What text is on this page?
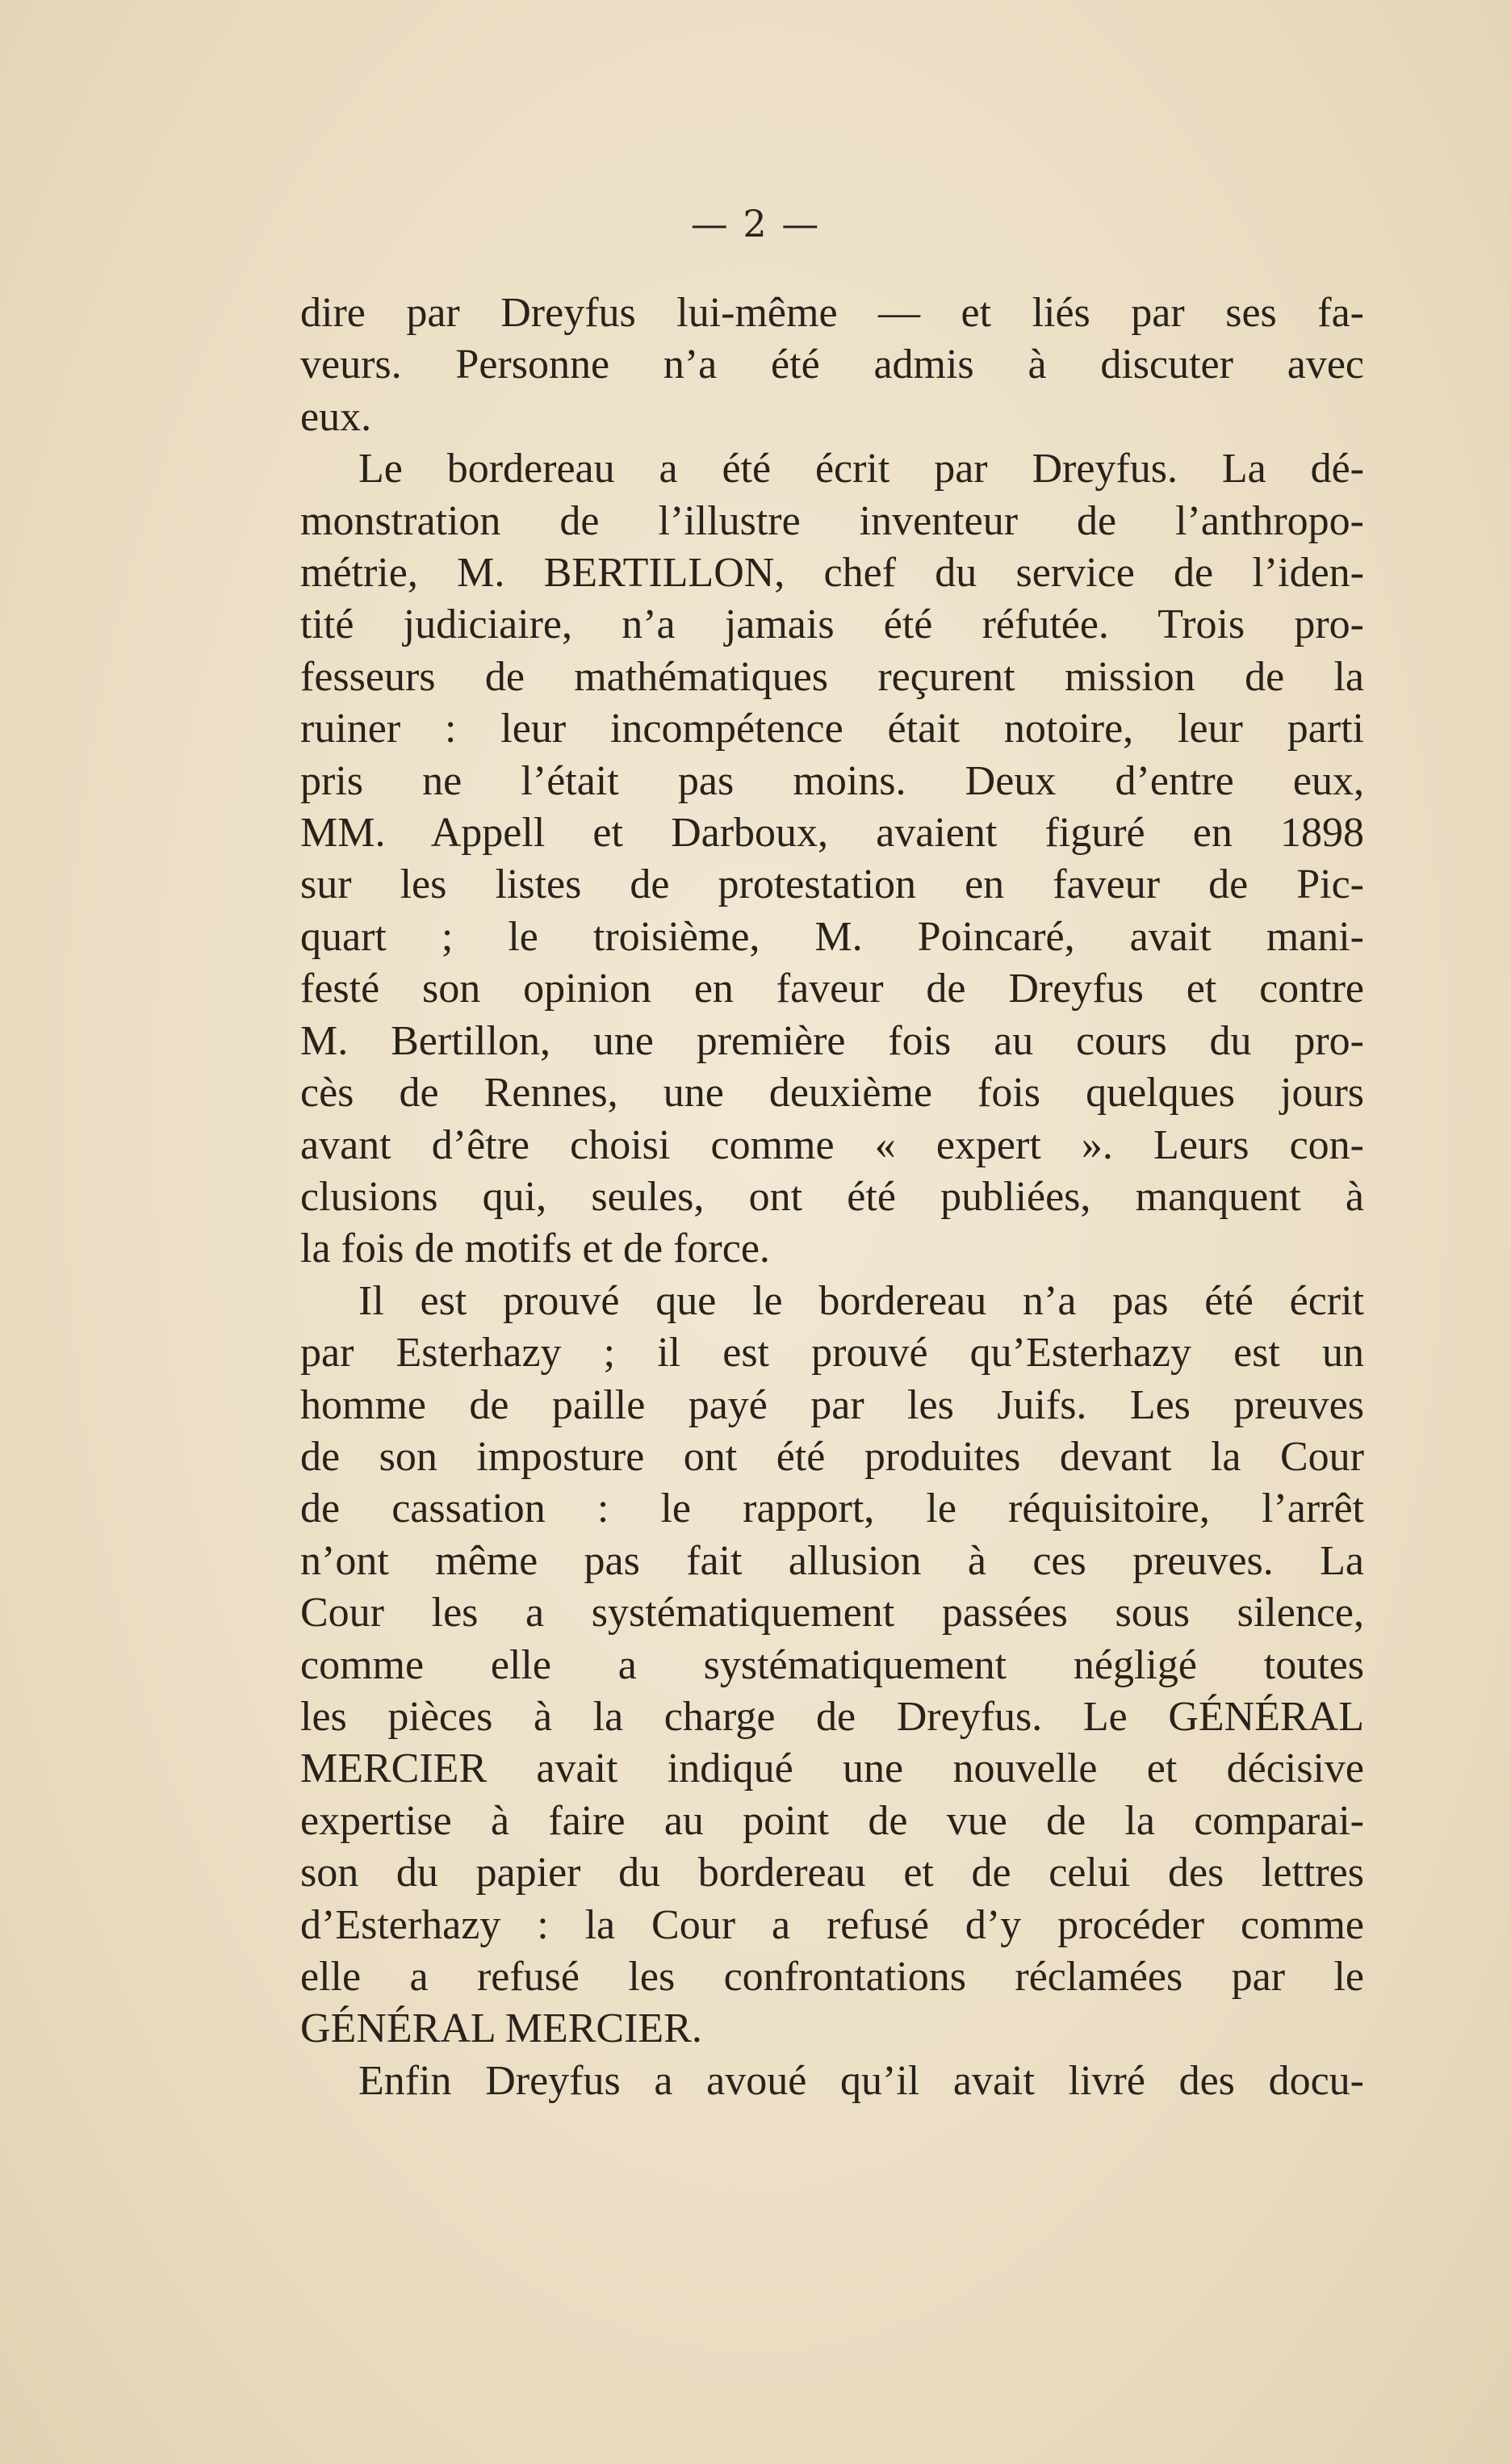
— 2 —

dire par Dreyfus lui-même — et liés par ses fa-
veurs. Personne n’a été admis à discuter avec
eux.

Le bordereau a été écrit par Dreyfus. La dé-
monstration de l’illustre inventeur de l’anthropo-
métrie, M. BERTILLON, chef du service de l’iden-
tité judiciaire, n’a jamais été réfutée. Trois pro-
fesseurs de mathématiques reçurent mission de la
ruiner : leur incompétence était notoire, leur parti
pris ne l’était pas moins. Deux d’entre eux,
MM. Appell et Darboux, avaient figuré en 1898
sur les listes de protestation en faveur de Pic-
quart ; le troisième, M. Poincaré, avait mani-
festé son opinion en faveur de Dreyfus et contre
M. Bertillon, une première fois au cours du pro-
cès de Rennes, une deuxième fois quelques jours
avant d’être choisi comme « expert ». Leurs con-
clusions qui, seules, ont été publiées, manquent à
la fois de motifs et de force.

Il est prouvé que le bordereau n’a pas été écrit
par Esterhazy ; il est prouvé qu’Esterhazy est un
homme de paille payé par les Juifs. Les preuves
de son imposture ont été produites devant la Cour
de cassation : le rapport, le réquisitoire, l’arrêt
n’ont même pas fait allusion à ces preuves. La
Cour les a systématiquement passées sous silence,
comme elle a systématiquement négligé toutes
les pièces à la charge de Dreyfus. Le GÉNÉRAL
MERCIER avait indiqué une nouvelle et décisive
expertise à faire au point de vue de la comparai-
son du papier du bordereau et de celui des lettres
d’Esterhazy : la Cour a refusé d’y procéder comme
elle a refusé les confrontations réclamées par le
GÉNÉRAL MERCIER.

Enfin Dreyfus a avoué qu’il avait livré des docu-
